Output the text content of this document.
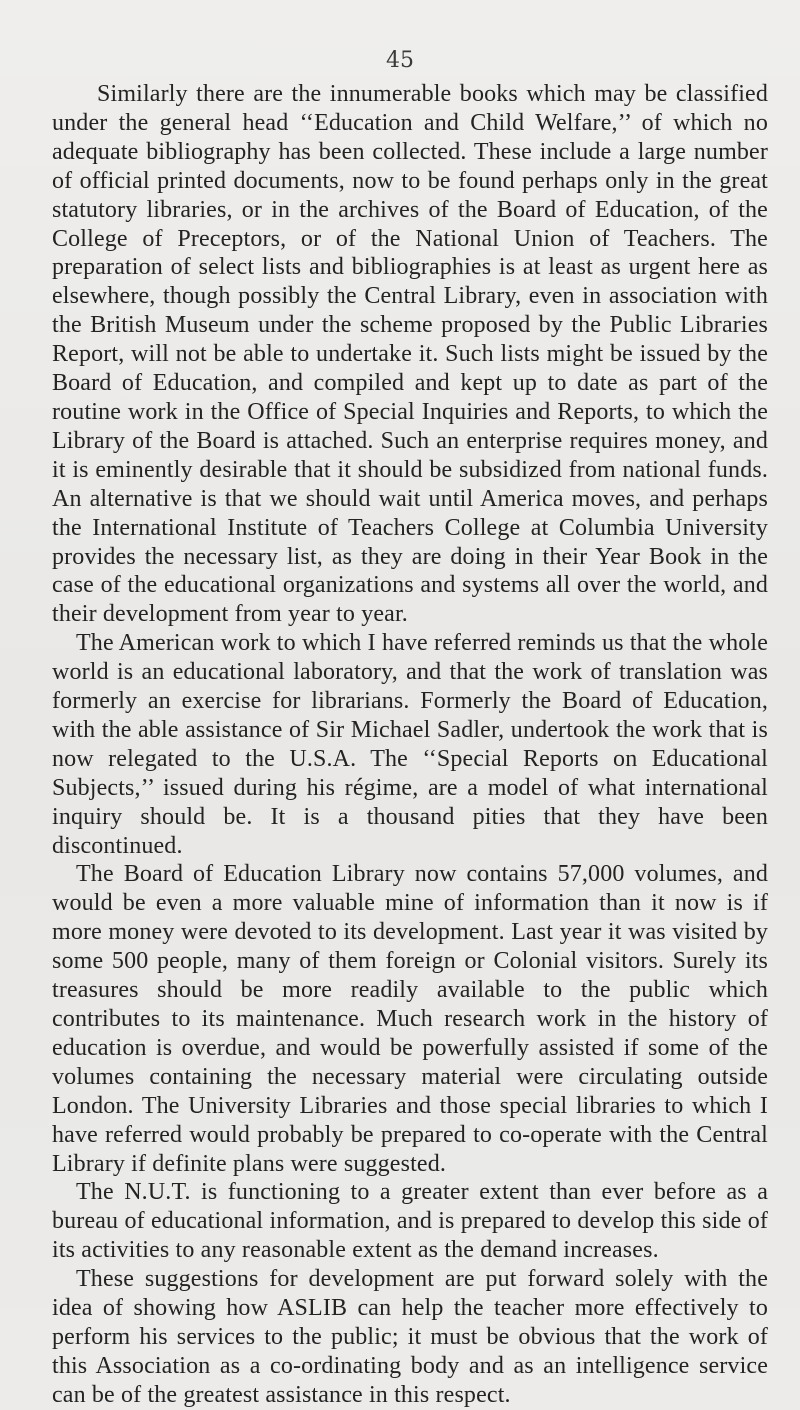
45

Similarly there are the innumerable books which may be classified under the general head ‘‘Education and Child Welfare,’’ of which no adequate bibliography has been collected. These include a large number of official printed documents, now to be found perhaps only in the great statutory libraries, or in the archives of the Board of Education, of the College of Preceptors, or of the National Union of Teachers. The preparation of select lists and bibliographies is at least as urgent here as elsewhere, though possibly the Central Library, even in association with the British Museum under the scheme proposed by the Public Libraries Report, will not be able to undertake it. Such lists might be issued by the Board of Education, and compiled and kept up to date as part of the routine work in the Office of Special Inquiries and Reports, to which the Library of the Board is attached. Such an enterprise requires money, and it is eminently desirable that it should be subsidized from national funds. An alternative is that we should wait until America moves, and perhaps the International Institute of Teachers College at Columbia University provides the necessary list, as they are doing in their Year Book in the case of the educational organizations and systems all over the world, and their development from year to year.

The American work to which I have referred reminds us that the whole world is an educational laboratory, and that the work of translation was formerly an exercise for librarians. Formerly the Board of Education, with the able assistance of Sir Michael Sadler, undertook the work that is now relegated to the U.S.A. The ‘‘Special Reports on Educational Subjects,’’ issued during his régime, are a model of what international inquiry should be. It is a thousand pities that they have been discontinued.

The Board of Education Library now contains 57,000 volumes, and would be even a more valuable mine of information than it now is if more money were devoted to its development. Last year it was visited by some 500 people, many of them foreign or Colonial visitors. Surely its treasures should be more readily available to the public which contributes to its maintenance. Much research work in the history of education is overdue, and would be powerfully assisted if some of the volumes containing the necessary material were circulating outside London. The University Libraries and those special libraries to which I have referred would probably be prepared to co-operate with the Central Library if definite plans were suggested.

The N.U.T. is functioning to a greater extent than ever before as a bureau of educational information, and is prepared to develop this side of its activities to any reasonable extent as the demand increases.

These suggestions for development are put forward solely with the idea of showing how ASLIB can help the teacher more effectively to perform his services to the public; it must be obvious that the work of this Association as a co-ordinating body and as an intelligence service can be of the greatest assistance in this respect.
